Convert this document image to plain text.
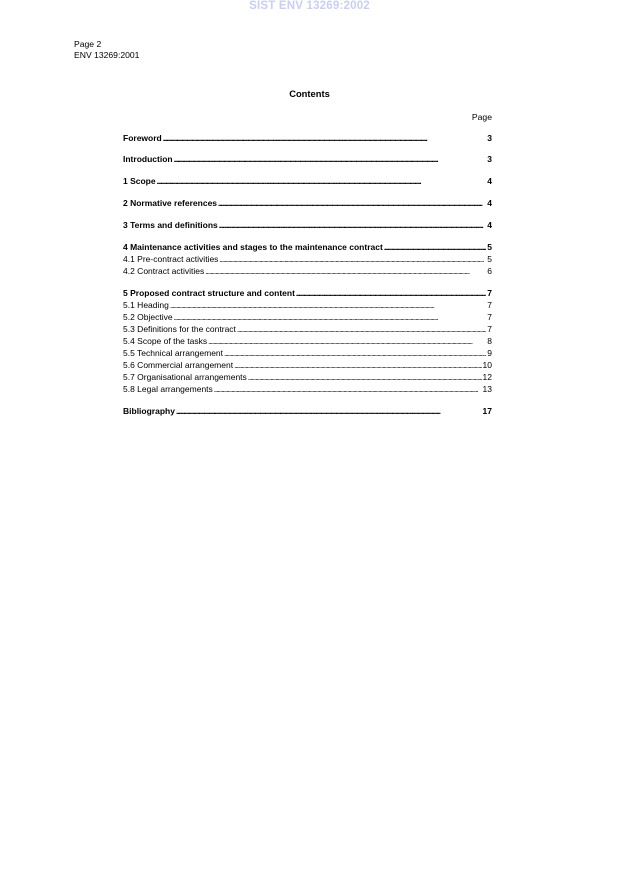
SIST ENV 13269:2002
Page 2
ENV 13269:2001
Contents
Page
Foreword . . .	3
Introduction . . .	3
1 Scope . . .	4
2 Normative references . . .	4
3 Terms and definitions . . .	4
4 Maintenance activities and stages to the maintenance contract . . .	5
4.1 Pre-contract activities . . .	5
4.2 Contract activities . . .	6
5 Proposed contract structure and content . . .	7
5.1 Heading . . .	7
5.2 Objective . . .	7
5.3 Definitions for the contract . . .	7
5.4 Scope of the tasks . . .	8
5.5 Technical arrangement . . .	9
5.6 Commercial arrangement . . .	10
5.7 Organisational arrangements . . .	12
5.8 Legal arrangements . . .	13
Bibliography . . .	17
